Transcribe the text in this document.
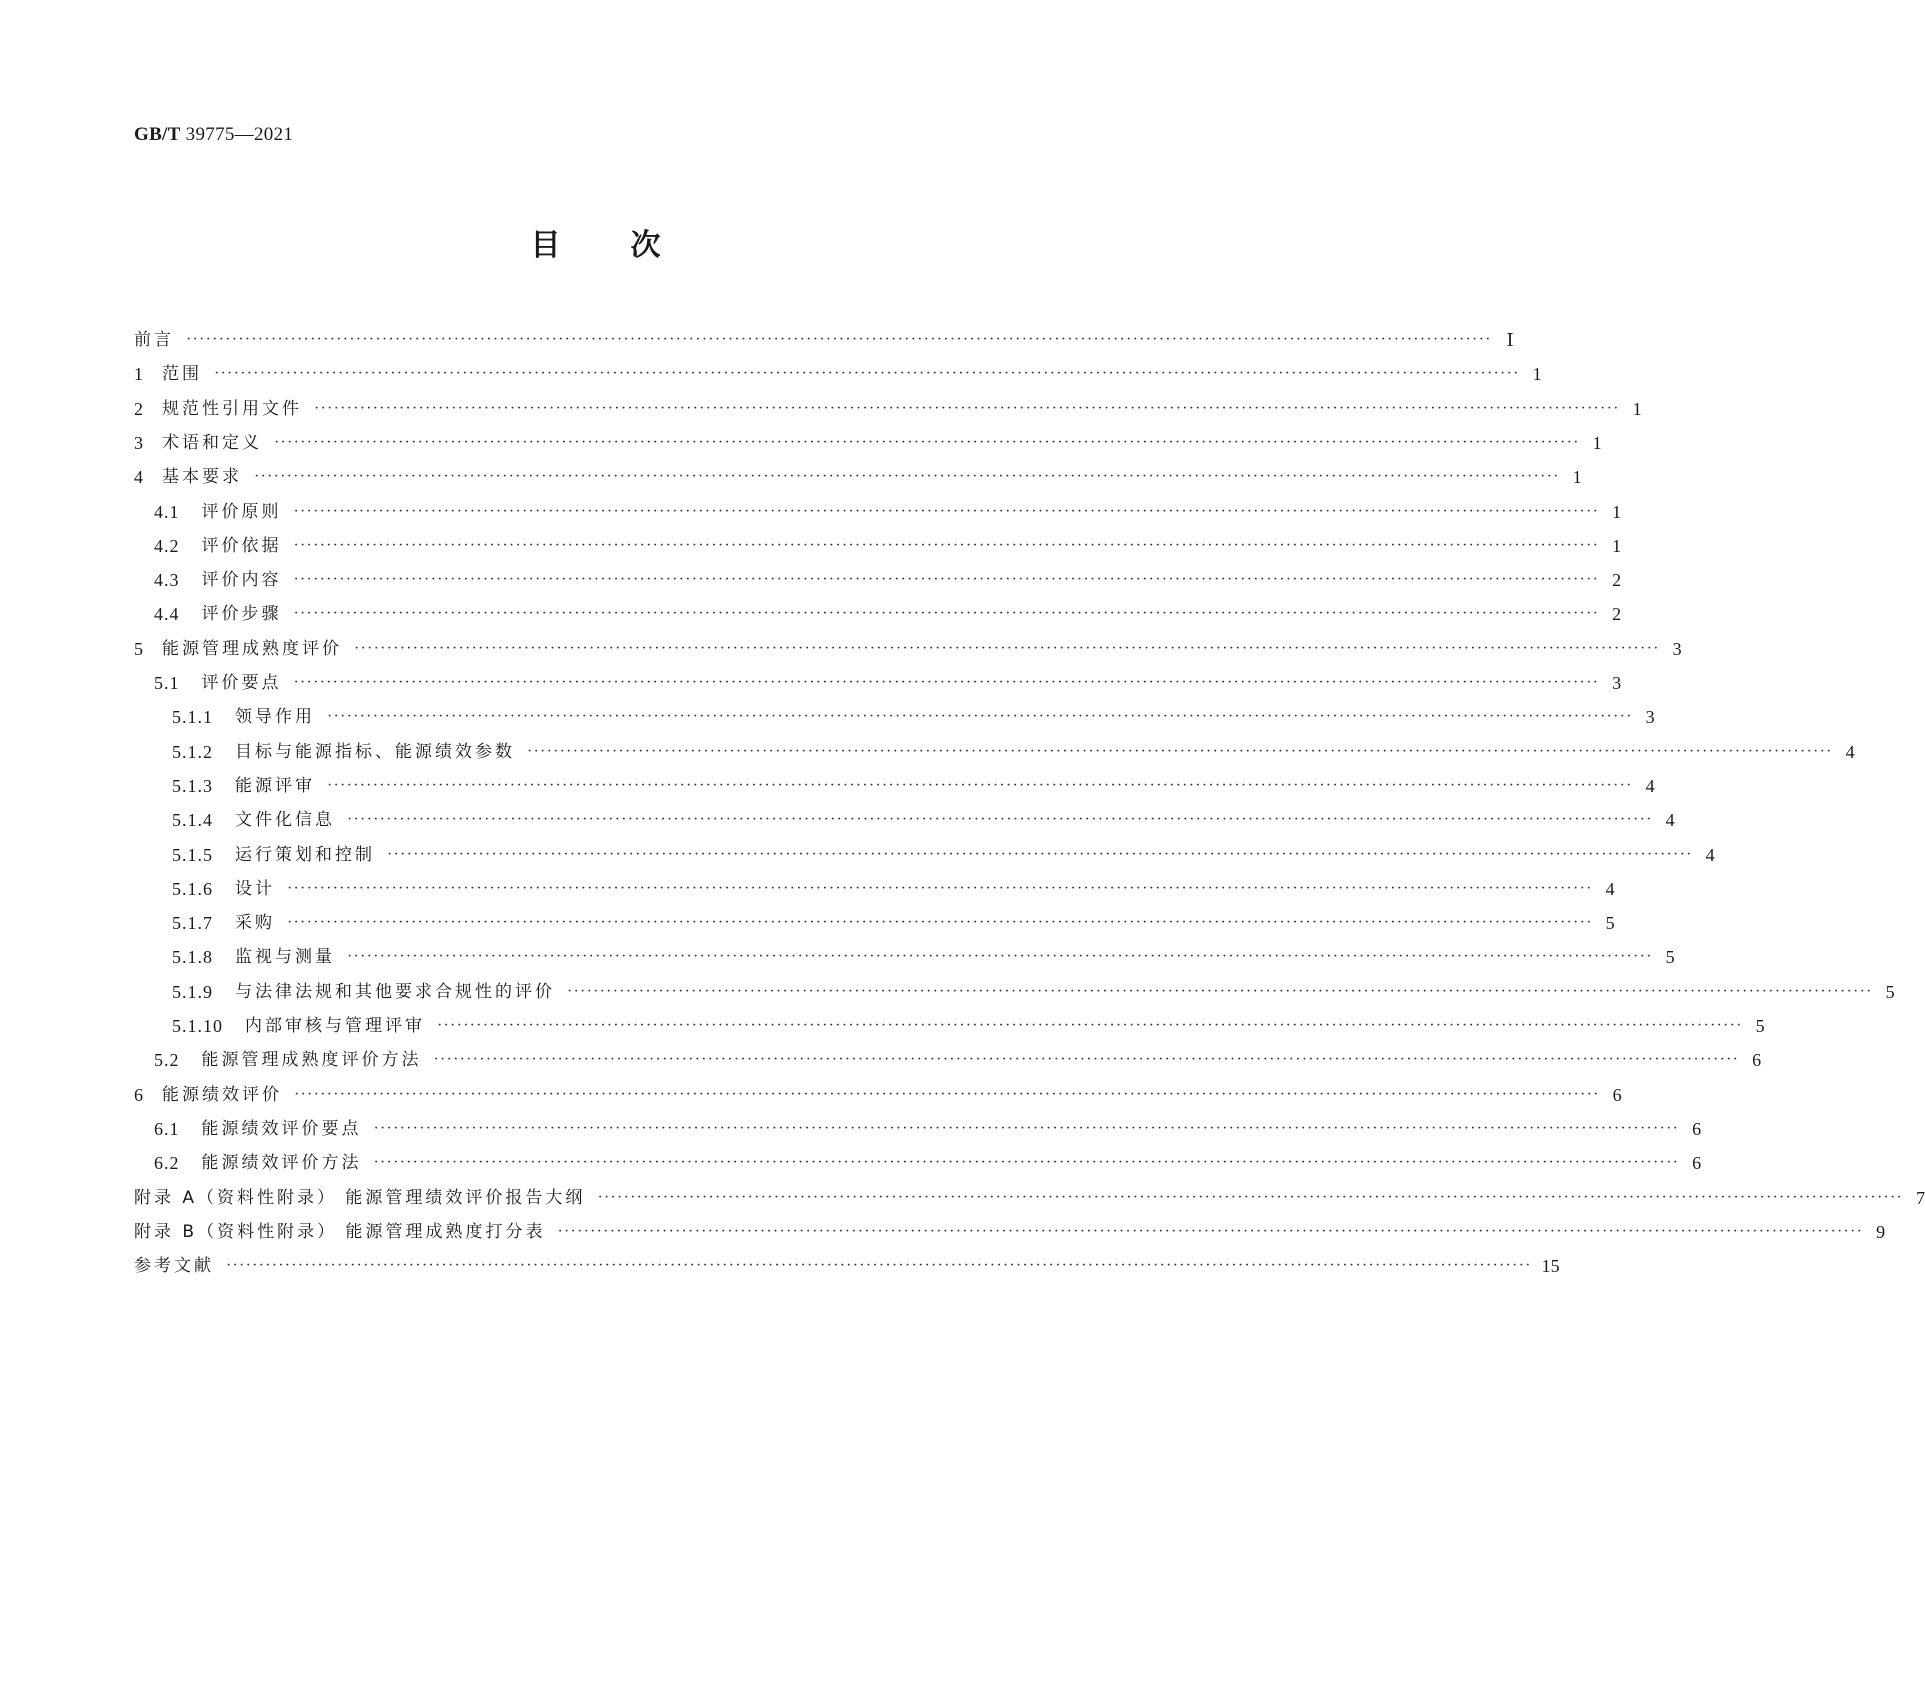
GB/T 39775—2021
目 次
前言 ········································································································································································································ Ⅰ
1 范围 ········································································································································································································ 1
2 规范性引用文件 ········································································································································································································ 1
3 术语和定义 ········································································································································································································ 1
4 基本要求 ········································································································································································································ 1
4.1 评价原则 ········································································································································································································ 1
4.2 评价依据 ········································································································································································································ 1
4.3 评价内容 ········································································································································································································ 2
4.4 评价步骤 ········································································································································································································ 2
5 能源管理成熟度评价 ········································································································································································································ 3
5.1 评价要点 ········································································································································································································ 3
5.1.1 领导作用 ········································································································································································································ 3
5.1.2 目标与能源指标、能源绩效参数 ········································································································································································································ 4
5.1.3 能源评审 ········································································································································································································ 4
5.1.4 文件化信息 ········································································································································································································ 4
5.1.5 运行策划和控制 ········································································································································································································ 4
5.1.6 设计 ········································································································································································································ 4
5.1.7 采购 ········································································································································································································ 5
5.1.8 监视与测量 ········································································································································································································ 5
5.1.9 与法律法规和其他要求合规性的评价 ········································································································································································································ 5
5.1.10 内部审核与管理评审 ········································································································································································································ 5
5.2 能源管理成熟度评价方法 ········································································································································································································ 6
6 能源绩效评价 ········································································································································································································ 6
6.1 能源绩效评价要点 ········································································································································································································ 6
6.2 能源绩效评价方法 ········································································································································································································ 6
附录 A（资料性附录） 能源管理绩效评价报告大纲 ········································································································································································································ 7
附录 B（资料性附录） 能源管理成熟度打分表 ········································································································································································································ 9
参考文献 ········································································································································································································ 15
